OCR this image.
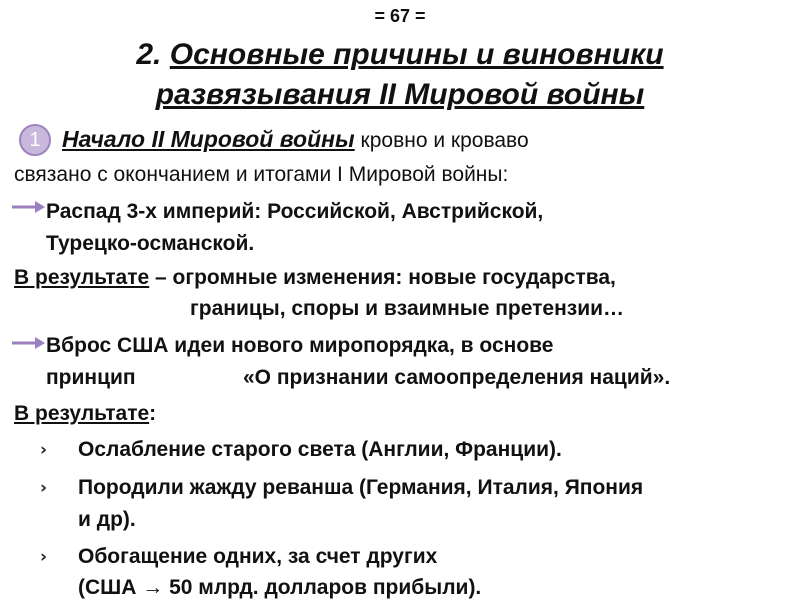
= 67 =
2. Основные причины и виновники
развязывания II Мировой войны
1 Начало II Мировой войны кровно и кроваво
связано с окончанием и итогами I Мировой войны:
Распад 3-х империй: Российской, Австрийской,
Турецко-османской.
В результате – огромные изменения: новые государства,
границы, споры и взаимные претензии…
Вброс США идеи нового миропорядка, в основе
принцип	«О признании самоопределения наций».
В результате:
› Ослабление старого света (Англии, Франции).
› Породили жажду реванша (Германия, Италия, Япония
и др).
› Обогащение одних, за счет других
(США → 50 млрд. долларов прибыли).
